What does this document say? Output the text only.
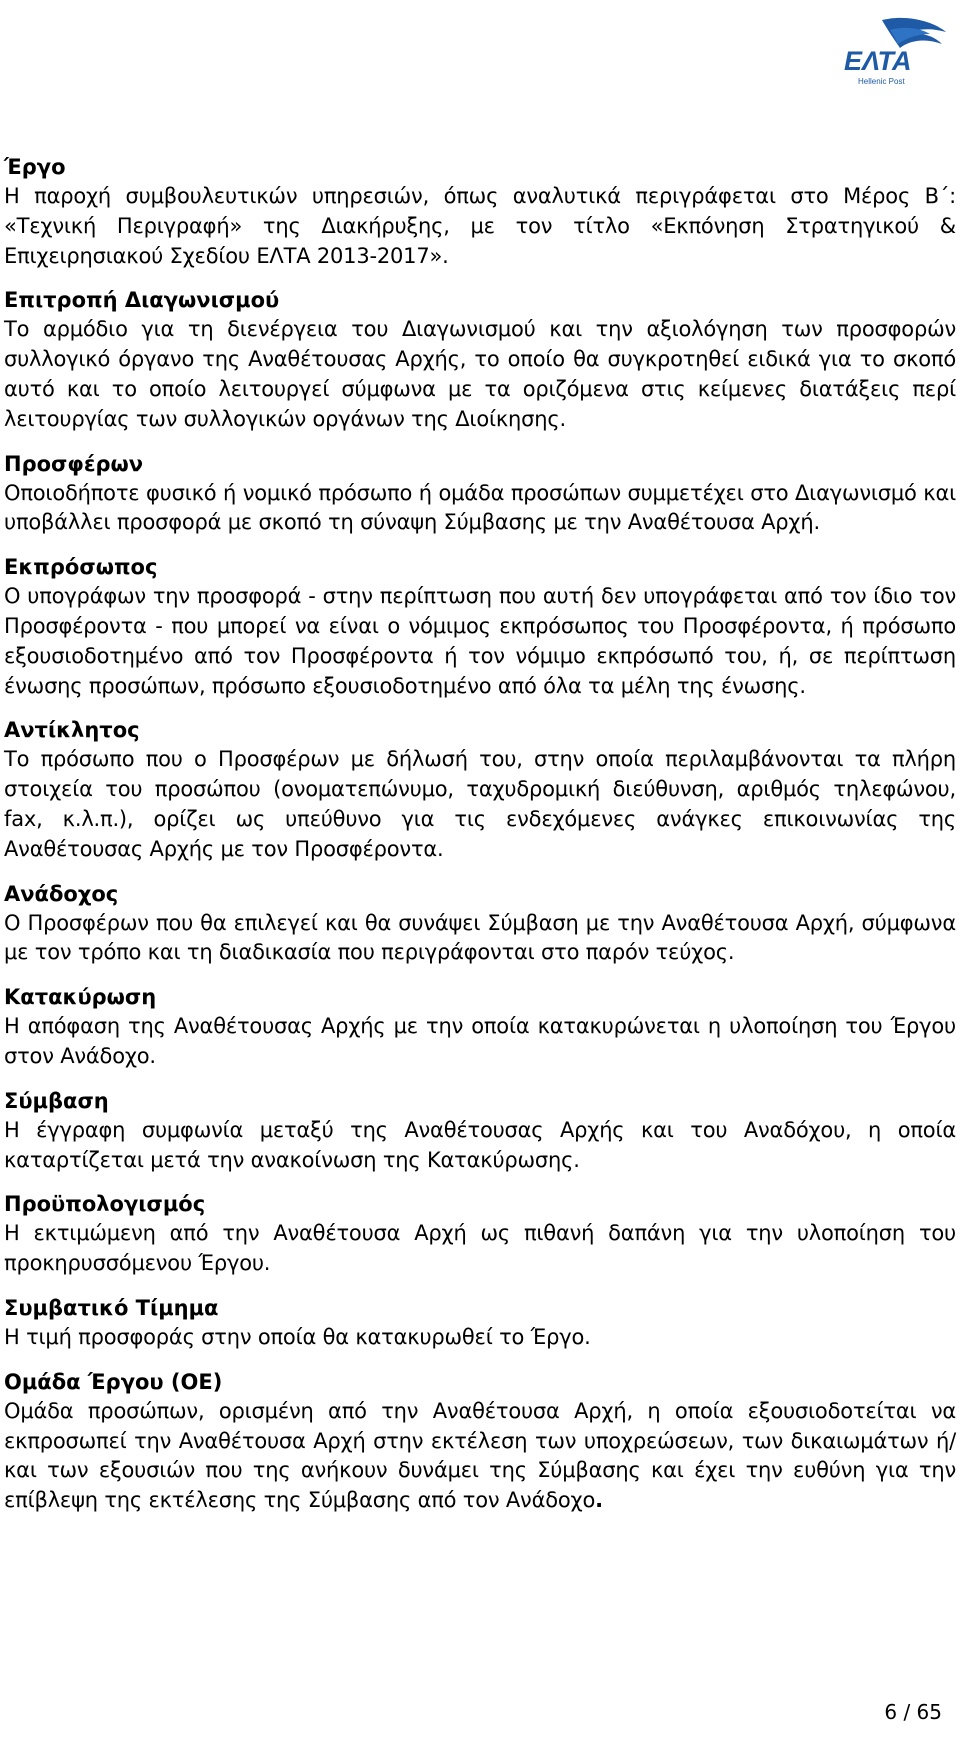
ΕΛΤΑ
Hellenic Post

Έργο

Η παροχή συμβουλευτικών υπηρεσιών, όπως αναλυτικά περιγράφεται στο Μέρος Β΄: «Τεχνική Περιγραφή» της Διακήρυξης, με τον τίτλο «Εκπόνηση Στρατηγικού & Επιχειρησιακού Σχεδίου ΕΛΤΑ 2013-2017».

Επιτροπή Διαγωνισμού

Το αρμόδιο για τη διενέργεια του Διαγωνισμού και την αξιολόγηση των προσφορών συλλογικό όργανο της Αναθέτουσας Αρχής, το οποίο θα συγκροτηθεί ειδικά για το σκοπό αυτό και το οποίο λειτουργεί σύμφωνα με τα οριζόμενα στις κείμενες διατάξεις περί λειτουργίας των συλλογικών οργάνων της Διοίκησης.

Προσφέρων

Οποιοδήποτε φυσικό ή νομικό πρόσωπο ή ομάδα προσώπων συμμετέχει στο Διαγωνισμό και υποβάλλει προσφορά με σκοπό τη σύναψη Σύμβασης με την Αναθέτουσα Αρχή.

Εκπρόσωπος

Ο υπογράφων την προσφορά - στην περίπτωση που αυτή δεν υπογράφεται από τον ίδιο τον Προσφέροντα - που μπορεί να είναι ο νόμιμος εκπρόσωπος του Προσφέροντα, ή πρόσωπο εξουσιοδοτημένο από τον Προσφέροντα ή τον νόμιμο εκπρόσωπό του, ή, σε περίπτωση ένωσης προσώπων, πρόσωπο εξουσιοδοτημένο από όλα τα μέλη της ένωσης.

Αντίκλητος

Το πρόσωπο που ο Προσφέρων με δήλωσή του, στην οποία περιλαμβάνονται τα πλήρη στοιχεία του προσώπου (ονοματεπώνυμο, ταχυδρομική διεύθυνση, αριθμός τηλεφώνου, fax, κ.λ.π.), ορίζει ως υπεύθυνο για τις ενδεχόμενες ανάγκες επικοινωνίας της Αναθέτουσας Αρχής με τον Προσφέροντα.

Ανάδοχος

Ο Προσφέρων που θα επιλεγεί και θα συνάψει Σύμβαση με την Αναθέτουσα Αρχή, σύμφωνα με τον τρόπο και τη διαδικασία που περιγράφονται στο παρόν τεύχος.

Κατακύρωση

Η απόφαση της Αναθέτουσας Αρχής με την οποία κατακυρώνεται η υλοποίηση του Έργου στον Ανάδοχο.

Σύμβαση

Η έγγραφη συμφωνία μεταξύ της Αναθέτουσας Αρχής και του Αναδόχου, η οποία καταρτίζεται μετά την ανακοίνωση της Κατακύρωσης.

Προϋπολογισμός

Η εκτιμώμενη από την Αναθέτουσα Αρχή ως πιθανή δαπάνη για την υλοποίηση του προκηρυσσόμενου Έργου.

Συμβατικό Τίμημα

Η τιμή προσφοράς στην οποία θα κατακυρωθεί το Έργο.

Ομάδα Έργου (ΟΕ)

Ομάδα προσώπων, ορισμένη από την Αναθέτουσα Αρχή, η οποία εξουσιοδοτείται να εκπροσωπεί την Αναθέτουσα Αρχή στην εκτέλεση των υποχρεώσεων, των δικαιωμάτων ή/ και των εξουσιών που της ανήκουν δυνάμει της Σύμβασης και έχει την ευθύνη για την επίβλεψη της εκτέλεσης της Σύμβασης από τον Ανάδοχο.

6 / 65
